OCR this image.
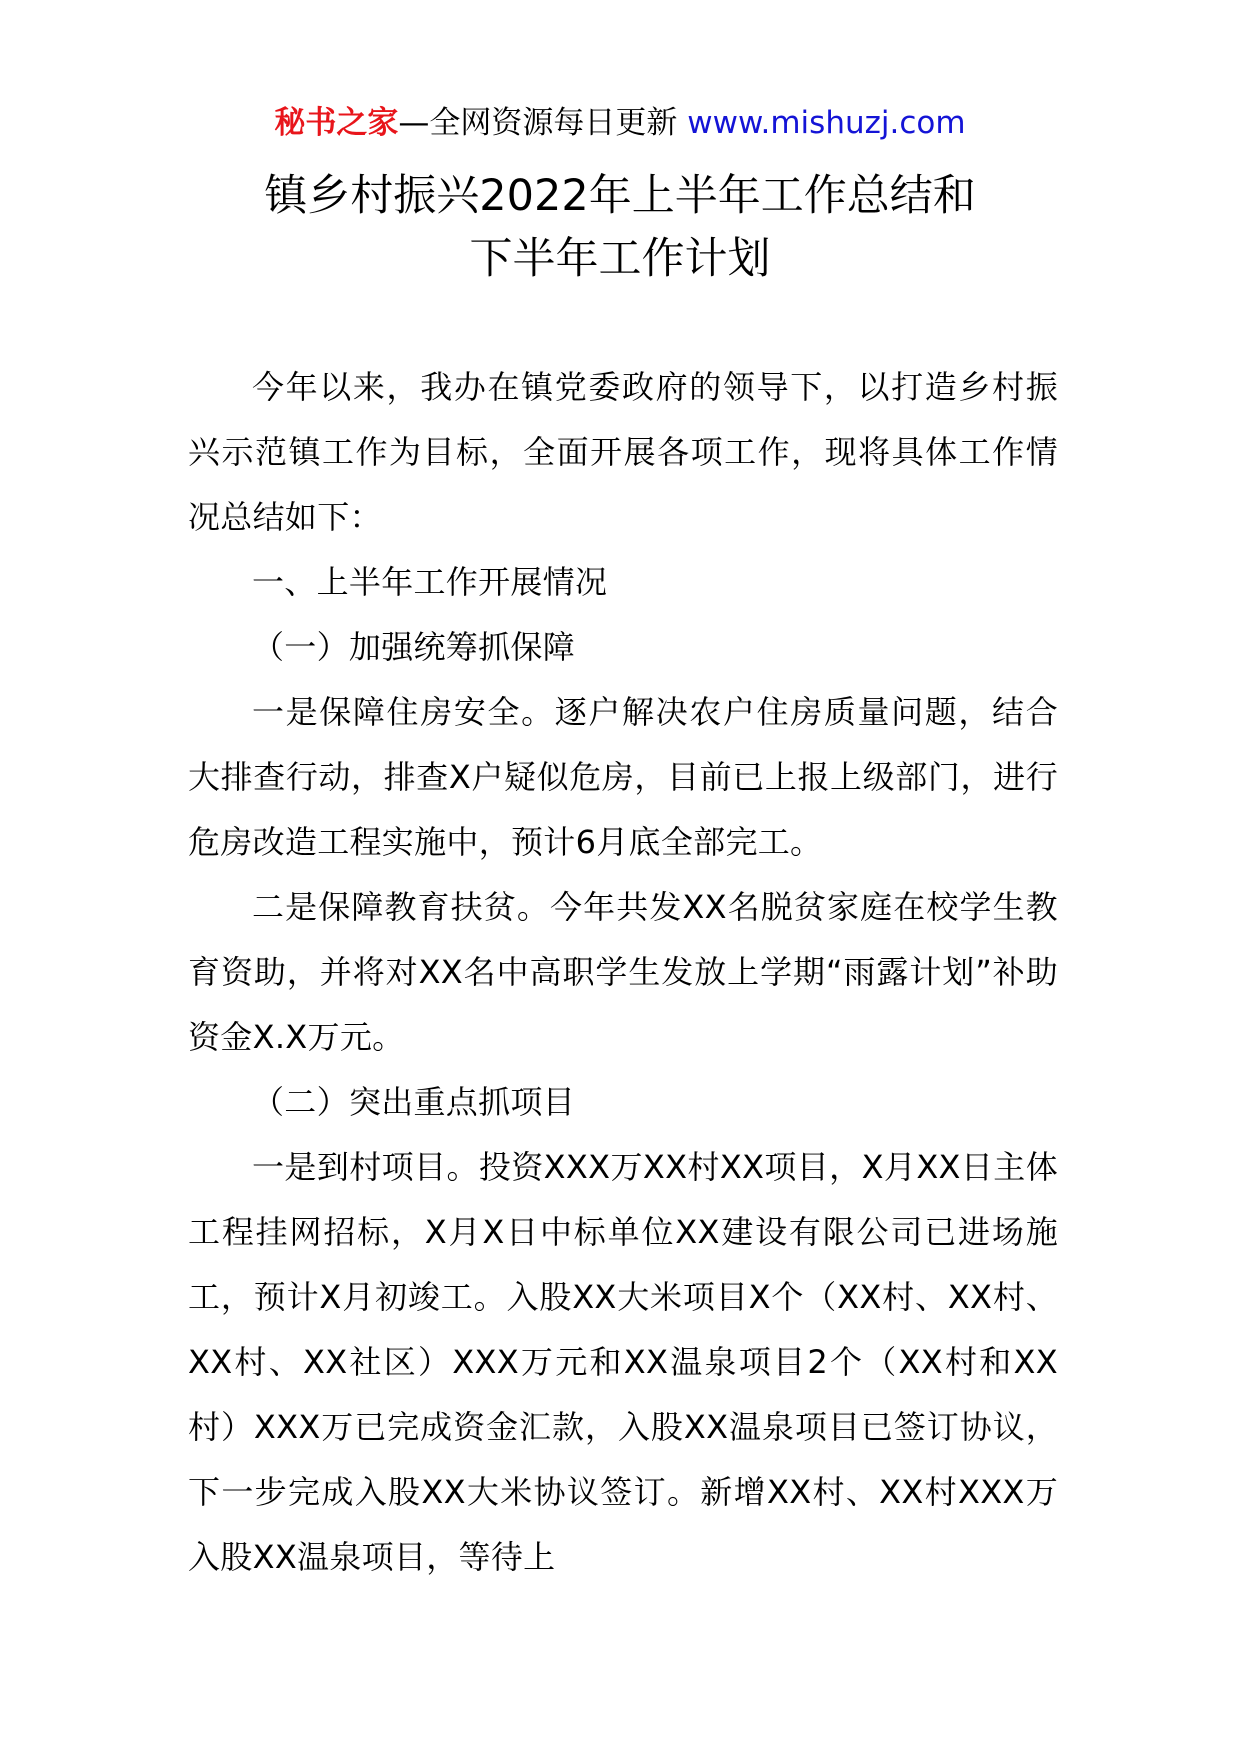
秘书之家—全网资源每日更新 www.mishuzj.com
镇乡村振兴2022年上半年工作总结和
下半年工作计划

今年以来，我办在镇党委政府的领导下，以打造乡村振兴示范镇工作为目标，全面开展各项工作，现将具体工作情况总结如下：

一、上半年工作开展情况

（一）加强统筹抓保障

一是保障住房安全。逐户解决农户住房质量问题，结合大排查行动，排查X户疑似危房，目前已上报上级部门，进行危房改造工程实施中，预计6月底全部完工。

二是保障教育扶贫。今年共发XX名脱贫家庭在校学生教育资助，并将对XX名中高职学生发放上学期“雨露计划”补助资金X.X万元。

（二）突出重点抓项目

一是到村项目。投资XXX万XX村XX项目，X月XX日主体工程挂网招标，X月X日中标单位XX建设有限公司已进场施工，预计X月初竣工。入股XX大米项目X个（XX村、XX村、XX村、XX社区）XXX万元和XX温泉项目2个（XX村和XX村）XXX万已完成资金汇款，入股XX温泉项目已签订协议，下一步完成入股XX大米协议签订。新增XX村、XX村XXX万入股XX温泉项目，等待上
